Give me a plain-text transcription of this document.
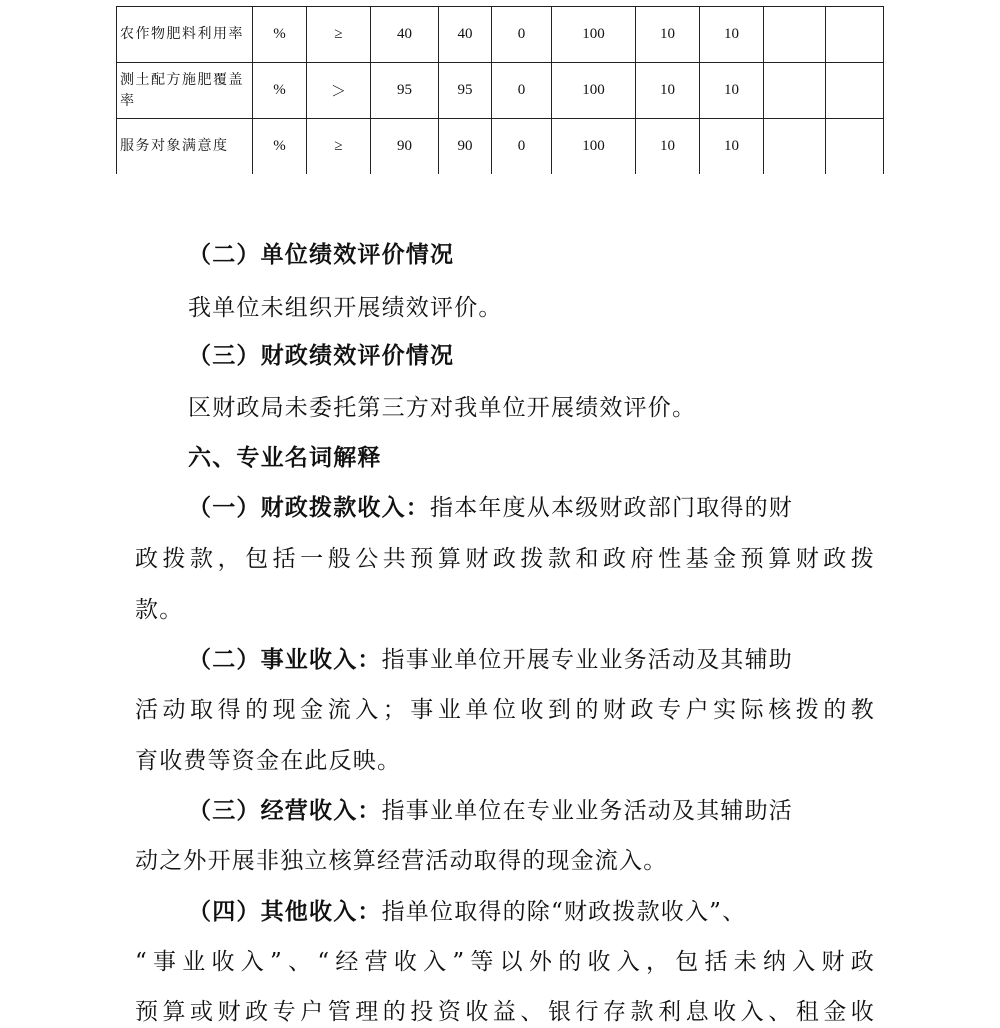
农作物肥料利用率	%	≥	40	40	0	100	10	10		
测土配方施肥覆盖率	%	＞	95	95	0	100	10	10		
服务对象满意度	%	≥	90	90	0	100	10	10		
（二）单位绩效评价情况
我单位未组织开展绩效评价。
（三）财政绩效评价情况
区财政局未委托第三方对我单位开展绩效评价。
六、专业名词解释
（一）财政拨款收入：指本年度从本级财政部门取得的财
政拨款，包括一般公共预算财政拨款和政府性基金预算财政拨
款。
（二）事业收入：指事业单位开展专业业务活动及其辅助
活动取得的现金流入；事业单位收到的财政专户实际核拨的教
育收费等资金在此反映。
（三）经营收入：指事业单位在专业业务活动及其辅助活
动之外开展非独立核算经营活动取得的现金流入。
（四）其他收入：指单位取得的除“财政拨款收入”、
“事业收入”、“经营收入”等以外的收入，包括未纳入财政
预算或财政专户管理的投资收益、银行存款利息收入、租金收
